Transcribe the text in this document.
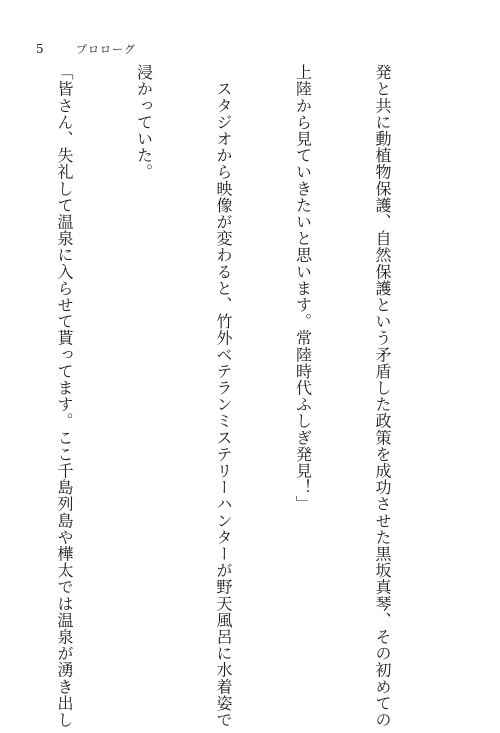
5	プロローグ

発と共に動植物保護、自然保護という矛盾した政策を成功させた黒坂真琴、その初めての

上陸から見ていきたいと思います。常陸時代ふしぎ発見！」

　スタジオから映像が変わると、竹外ベテランミステリーハンターが野天風呂に水着姿で

浸かっていた。

「皆さん、失礼して温泉に入らせて貰ってます。ここ千島列島や樺太では温泉が湧き出し
